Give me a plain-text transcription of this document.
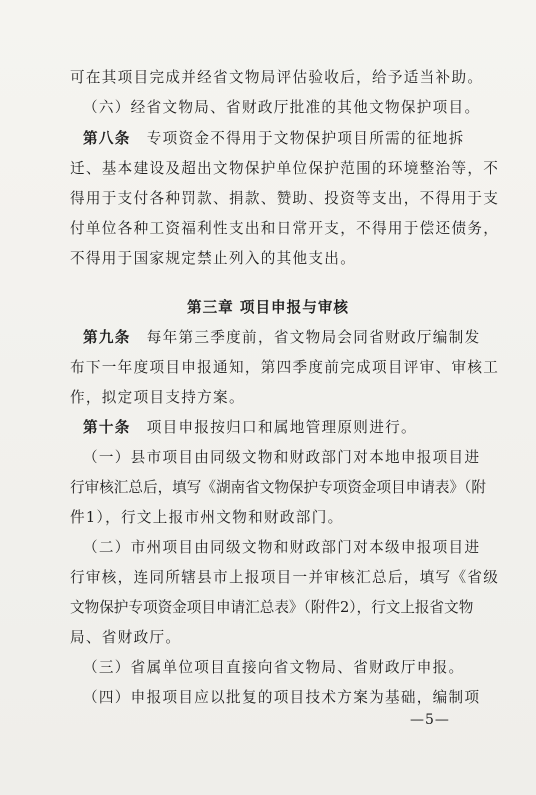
可在其项目完成并经省文物局评估验收后，给予适当补助。
（六）经省文物局、省财政厅批准的其他文物保护项目。
第八条 专项资金不得用于文物保护项目所需的征地拆
迁、基本建设及超出文物保护单位保护范围的环境整治等，不
得用于支付各种罚款、捐款、赞助、投资等支出，不得用于支
付单位各种工资福利性支出和日常开支，不得用于偿还债务，
不得用于国家规定禁止列入的其他支出。
第三章 项目申报与审核
第九条 每年第三季度前，省文物局会同省财政厅编制发
布下一年度项目申报通知，第四季度前完成项目评审、审核工
作，拟定项目支持方案。
第十条 项目申报按归口和属地管理原则进行。
（一）县市项目由同级文物和财政部门对本地申报项目进
行审核汇总后，填写《湖南省文物保护专项资金项目申请表》（附
件1），行文上报市州文物和财政部门。
（二）市州项目由同级文物和财政部门对本级申报项目进
行审核，连同所辖县市上报项目一并审核汇总后，填写《省级
文物保护专项资金项目申请汇总表》（附件2），行文上报省文物
局、省财政厅。
（三）省属单位项目直接向省文物局、省财政厅申报。
（四）申报项目应以批复的项目技术方案为基础，编制项
—5—
